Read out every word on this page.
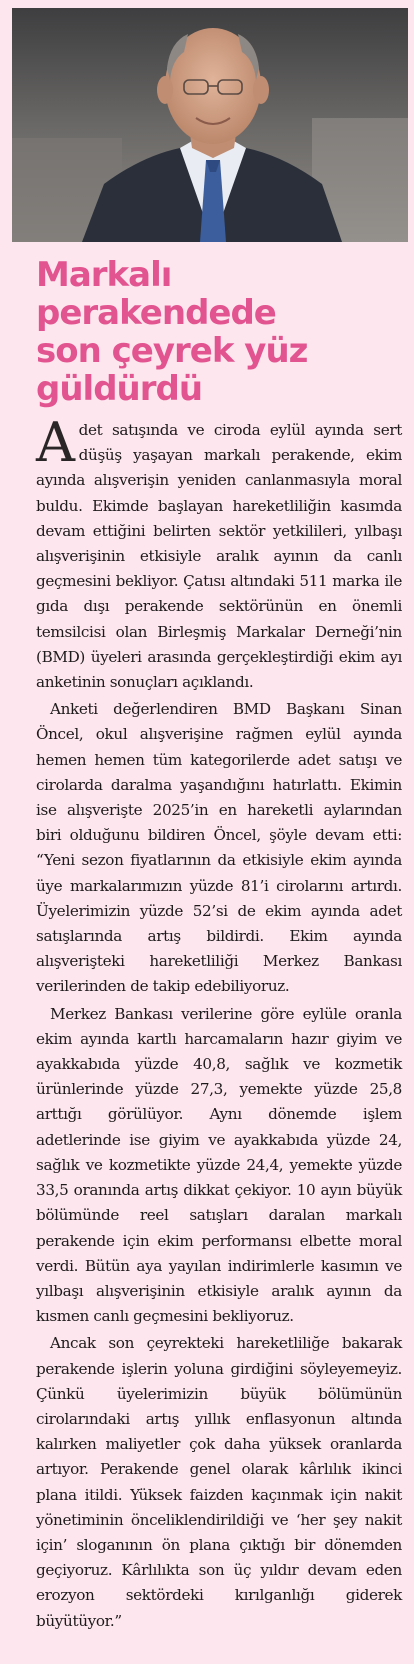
Markalı
perakendede
son çeyrek yüz
güldürdü

Adet satışında ve ciroda eylül ayında sert düşüş yaşayan markalı perakende, ekim ayında alışverişin yeniden canlanmasıyla moral buldu. Ekimde başlayan hareketliliğin kasımda devam ettiğini belirten sektör yetkilileri, yılbaşı alışverişinin etkisiyle aralık ayının da canlı geçmesini bekliyor. Çatısı altındaki 511 marka ile gıda dışı perakende sektörünün en önemli temsilcisi olan Birleşmiş Markalar Derneği’nin (BMD) üyeleri arasında gerçekleştirdiği ekim ayı anketinin sonuçları açıklandı.

Anketi değerlendiren BMD Başkanı Sinan Öncel, okul alışverişine rağmen eylül ayında hemen hemen tüm kategorilerde adet satışı ve cirolarda daralma yaşandığını hatırlattı. Ekimin ise alışverişte 2025’in en hareketli aylarından biri olduğunu bildiren Öncel, şöyle devam etti: “Yeni sezon fiyatlarının da etkisiyle ekim ayında üye markalarımızın yüzde 81’i cirolarını artırdı. Üyelerimizin yüzde 52’si de ekim ayında adet satışlarında artış bildirdi. Ekim ayında alışverişteki hareketliliği Merkez Bankası verilerinden de takip edebiliyoruz.

Merkez Bankası verilerine göre eylüle oranla ekim ayında kartlı harcamaların hazır giyim ve ayakkabıda yüzde 40,8, sağlık ve kozmetik ürünlerinde yüzde 27,3, yemekte yüzde 25,8 arttığı görülüyor. Aynı dönemde işlem adetlerinde ise giyim ve ayakkabıda yüzde 24, sağlık ve kozmetikte yüzde 24,4, yemekte yüzde 33,5 oranında artış dikkat çekiyor. 10 ayın büyük bölümünde reel satışları daralan markalı perakende için ekim performansı elbette moral verdi. Bütün aya yayılan indirimlerle kasımın ve yılbaşı alışverişinin etkisiyle aralık ayının da kısmen canlı geçmesini bekliyoruz.

Ancak son çeyrekteki hareketliliğe bakarak perakende işlerin yoluna girdiğini söyleyemeyiz. Çünkü üyelerimizin büyük bölümünün cirolarındaki artış yıllık enflasyonun altında kalırken maliyetler çok daha yüksek oranlarda artıyor. Perakende genel olarak kârlılık ikinci plana itildi. Yüksek faizden kaçınmak için nakit yönetiminin önceliklendirildiği ve ‘her şey nakit için’ sloganının ön plana çıktığı bir dönemden geçiyoruz. Kârlılıkta son üç yıldır devam eden erozyon sektördeki kırılganlığı giderek büyütüyor.”
